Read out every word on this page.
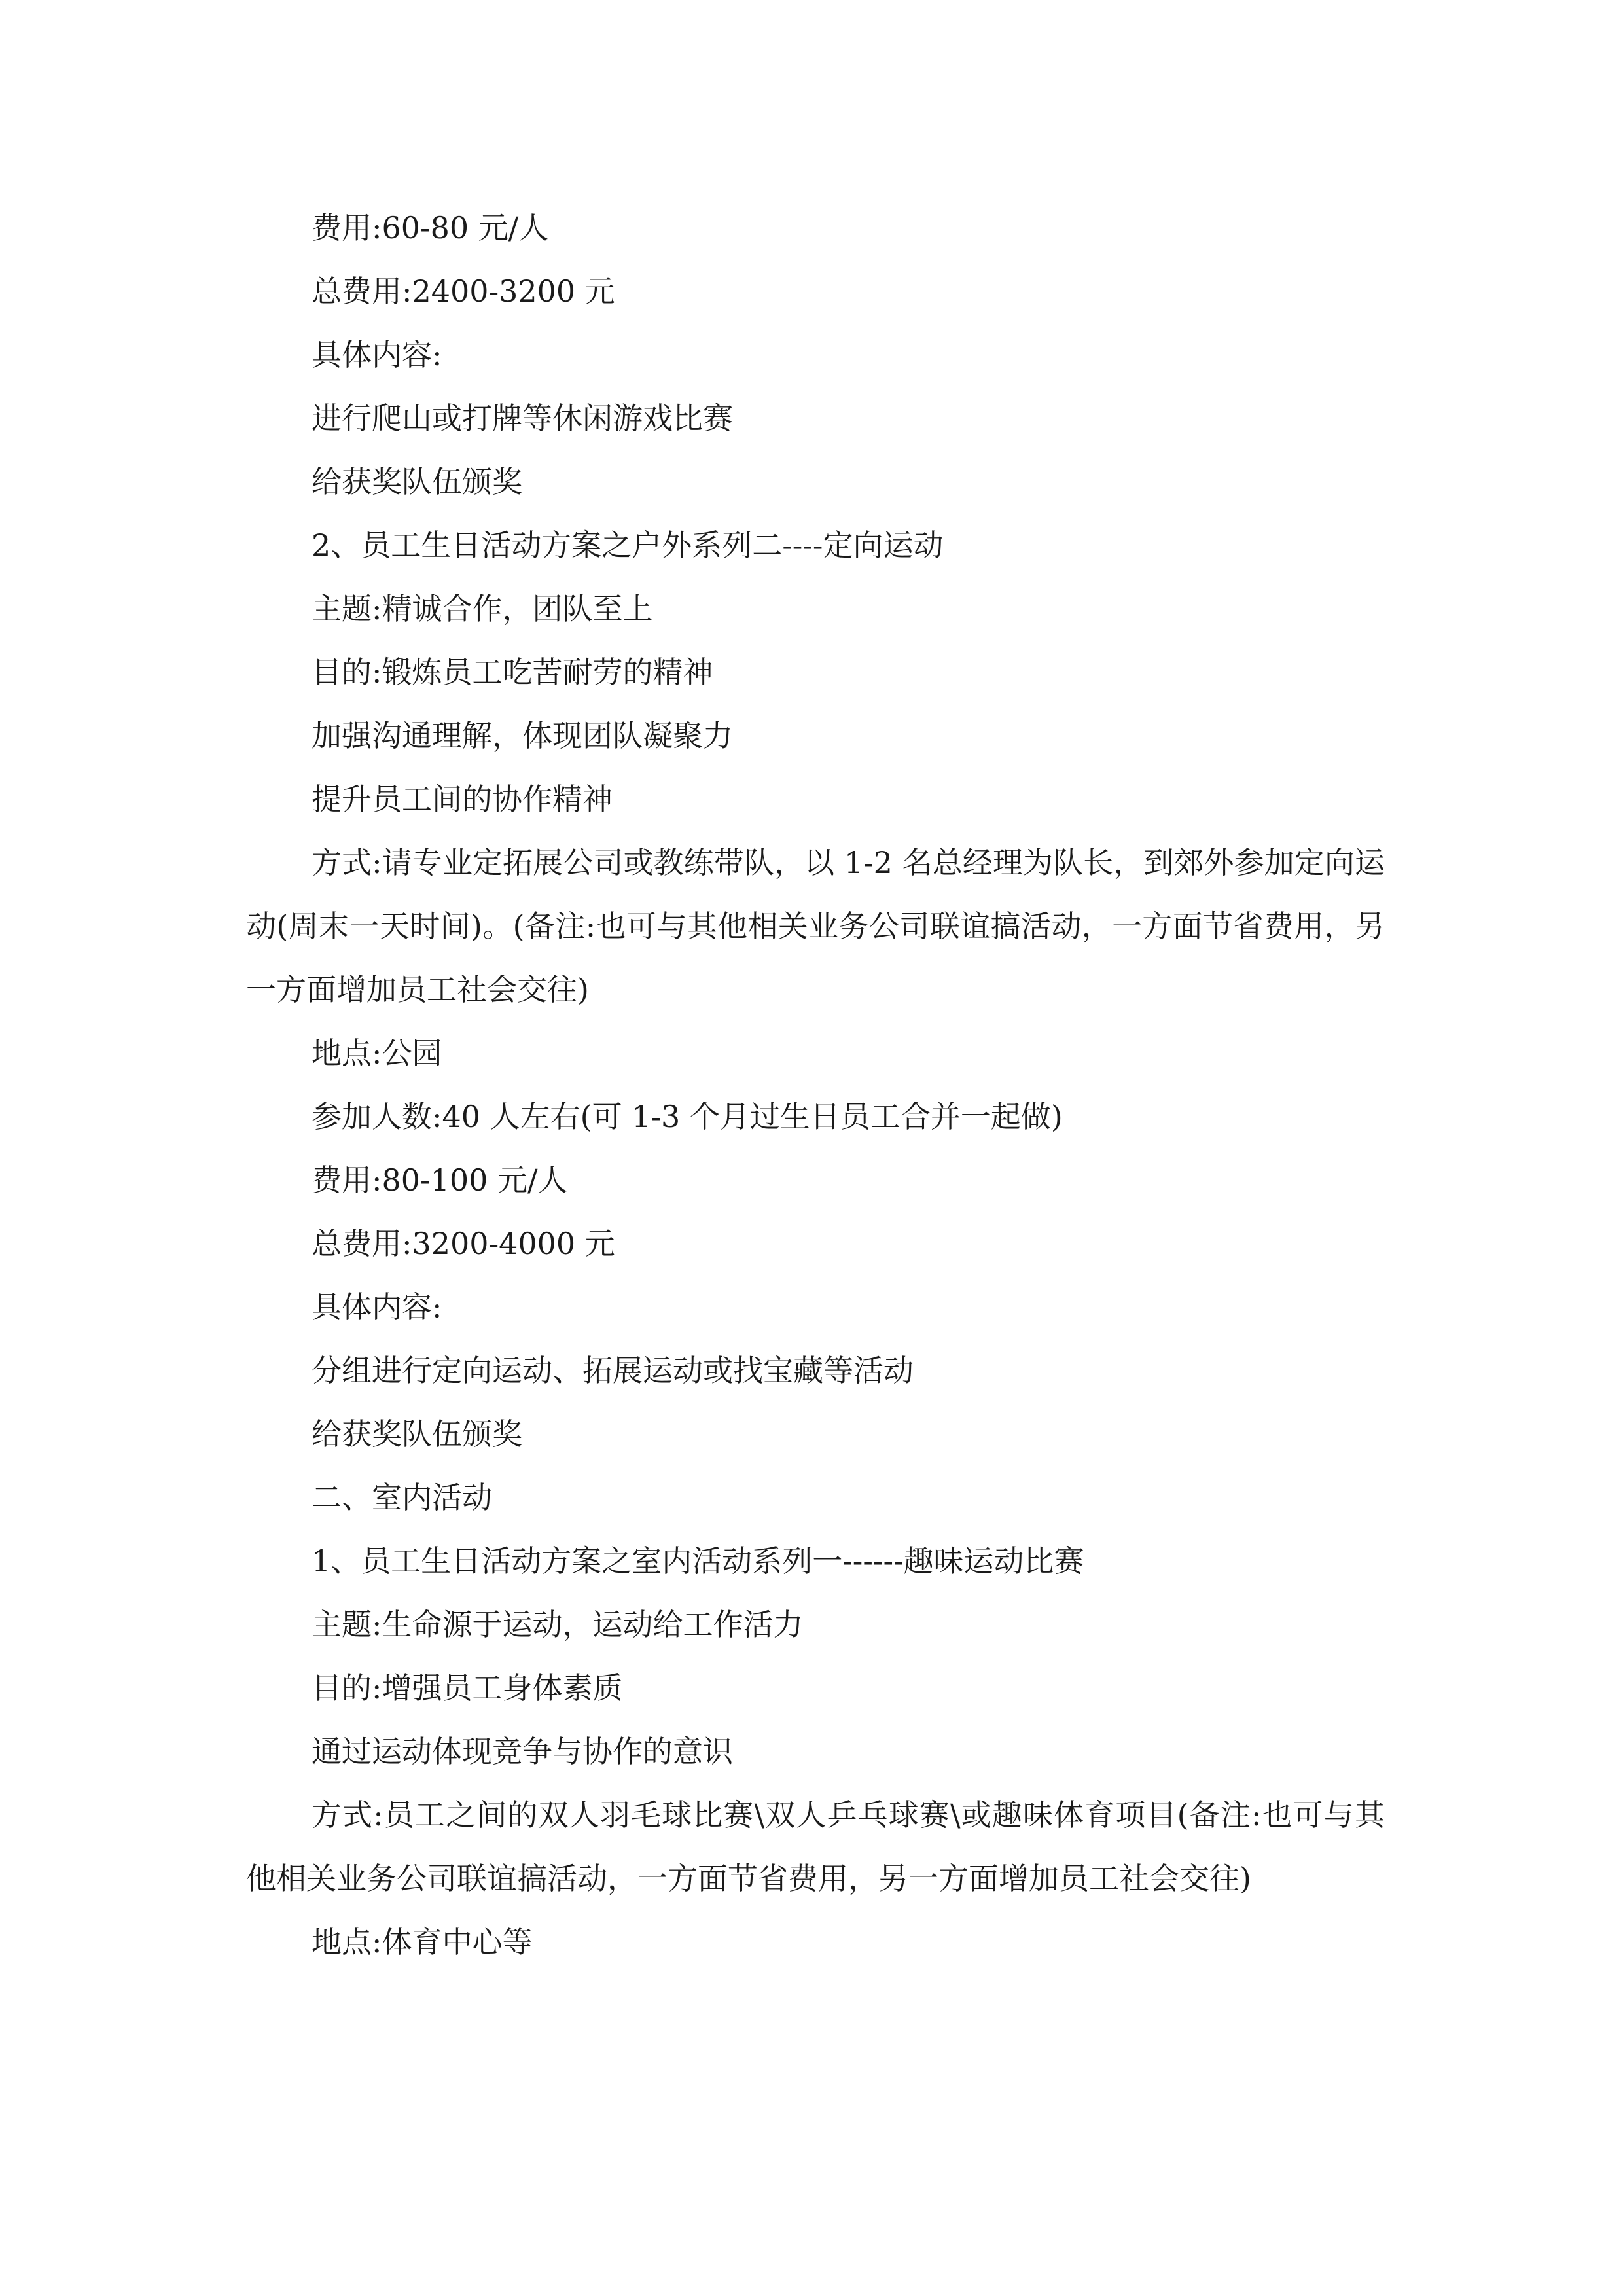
费用:60-80 元/人

总费用:2400-3200 元

具体内容:

进行爬山或打牌等休闲游戏比赛

给获奖队伍颁奖

2、员工生日活动方案之户外系列二----定向运动

主题:精诚合作，团队至上

目的:锻炼员工吃苦耐劳的精神

加强沟通理解，体现团队凝聚力

提升员工间的协作精神

方式:请专业定拓展公司或教练带队，以 1-2 名总经理为队长，到郊外参加定向运动(周末一天时间)。(备注:也可与其他相关业务公司联谊搞活动，一方面节省费用，另一方面增加员工社会交往)

地点:公园

参加人数:40 人左右(可 1-3 个月过生日员工合并一起做)

费用:80-100 元/人

总费用:3200-4000 元

具体内容:

分组进行定向运动、拓展运动或找宝藏等活动

给获奖队伍颁奖

二、室内活动

1、员工生日活动方案之室内活动系列一------趣味运动比赛

主题:生命源于运动，运动给工作活力

目的:增强员工身体素质

通过运动体现竞争与协作的意识

方式:员工之间的双人羽毛球比赛\双人乒乓球赛\或趣味体育项目(备注:也可与其他相关业务公司联谊搞活动，一方面节省费用，另一方面增加员工社会交往)

地点:体育中心等
